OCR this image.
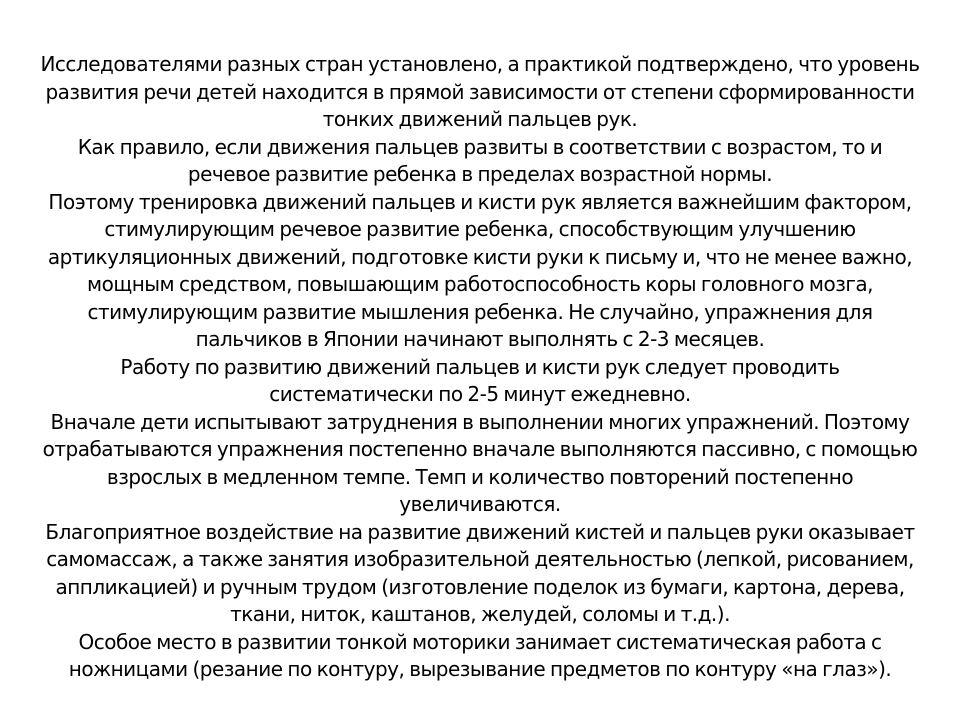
Исследователями разных стран установлено, а практикой подтверждено, что уровень
развития речи детей находится в прямой зависимости от степени сформированности
тонких движений пальцев рук.

Как правило, если движения пальцев развиты в соответствии с возрастом, то и
речевое развитие ребенка в пределах возрастной нормы.

Поэтому тренировка движений пальцев и кисти рук является важнейшим фактором,
стимулирующим речевое развитие ребенка, способствующим улучшению
артикуляционных движений, подготовке кисти руки к письму и, что не менее важно,
мощным средством, повышающим работоспособность коры головного мозга,
стимулирующим развитие мышления ребенка. Не случайно, упражнения для
пальчиков в Японии начинают выполнять с 2-3 месяцев.

Работу по развитию движений пальцев и кисти рук следует проводить
систематически по 2-5 минут ежедневно.

Вначале дети испытывают затруднения в выполнении многих упражнений. Поэтому
отрабатываются упражнения постепенно вначале выполняются пассивно, с помощью
взрослых в медленном темпе. Темп и количество повторений постепенно
увеличиваются.

Благоприятное воздействие на развитие движений кистей и пальцев руки оказывает
самомассаж, а также занятия изобразительной деятельностью (лепкой, рисованием,
аппликацией) и ручным трудом (изготовление поделок из бумаги, картона, дерева,
ткани, ниток, каштанов, желудей, соломы и т.д.).

Особое место в развитии тонкой моторики занимает систематическая работа с
ножницами (резание по контуру, вырезывание предметов по контуру «на глаз»).
